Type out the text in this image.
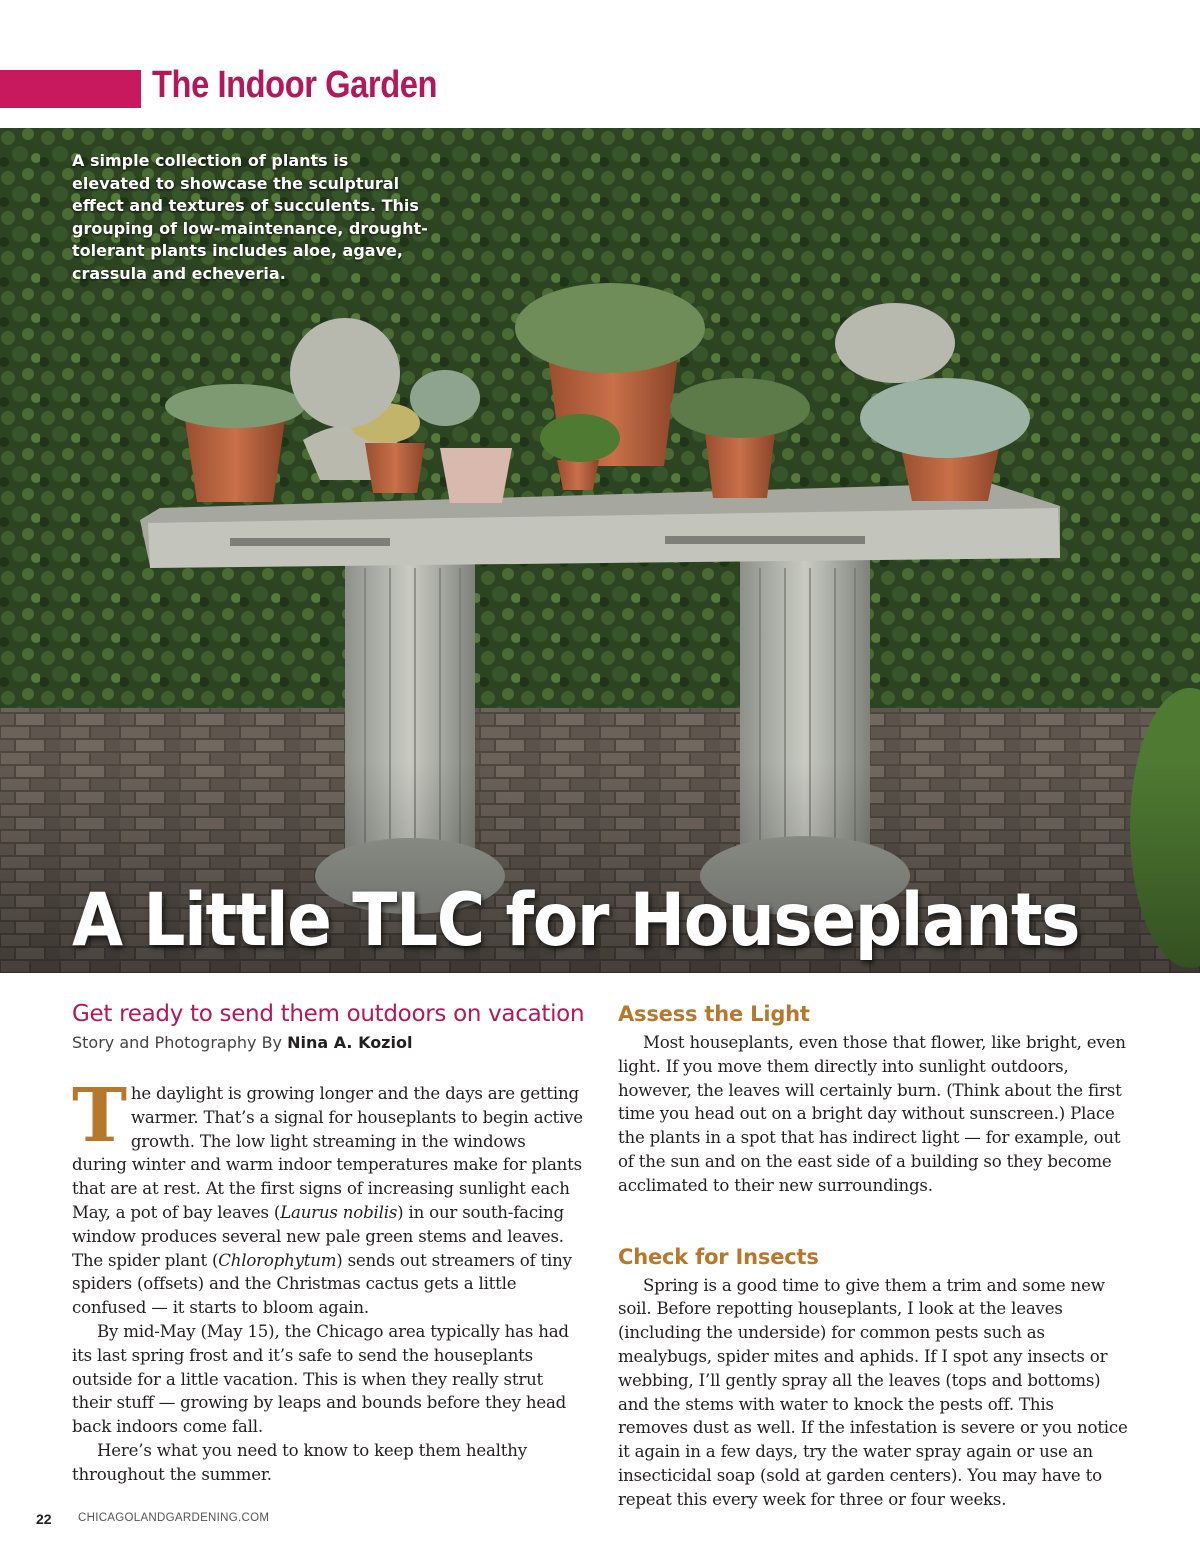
The Indoor Garden
A simple collection of plants is elevated to showcase the sculptural effect and textures of succulents. This grouping of low-maintenance, drought-tolerant plants includes aloe, agave, crassula and echeveria.
A Little TLC for Houseplants

Get ready to send them outdoors on vacation

Story and Photography By Nina A. Koziol

The daylight is growing longer and the days are getting warmer. That’s a signal for houseplants to begin active growth. The low light streaming in the windows during winter and warm indoor temperatures make for plants that are at rest. At the first signs of increasing sunlight each May, a pot of bay leaves (Laurus nobilis) in our south-facing window produces several new pale green stems and leaves. The spider plant (Chlorophytum) sends out streamers of tiny spiders (offsets) and the Christmas cactus gets a little confused — it starts to bloom again.

By mid-May (May 15), the Chicago area typically has had its last spring frost and it’s safe to send the houseplants outside for a little vacation. This is when they really strut their stuff — growing by leaps and bounds before they head back indoors come fall.

Here’s what you need to know to keep them healthy throughout the summer.

Assess the Light

Most houseplants, even those that flower, like bright, even light. If you move them directly into sunlight outdoors, however, the leaves will certainly burn. (Think about the first time you head out on a bright day without sunscreen.) Place the plants in a spot that has indirect light — for example, out of the sun and on the east side of a building so they become acclimated to their new surroundings.

Check for Insects

Spring is a good time to give them a trim and some new soil. Before repotting houseplants, I look at the leaves (including the underside) for common pests such as mealybugs, spider mites and aphids. If I spot any insects or webbing, I’ll gently spray all the leaves (tops and bottoms) and the stems with water to knock the pests off. This removes dust as well. If the infestation is severe or you notice it again in a few days, try the water spray again or use an insecticidal soap (sold at garden centers). You may have to repeat this every week for three or four weeks.

22 CHICAGOLANDGARDENING.COM
